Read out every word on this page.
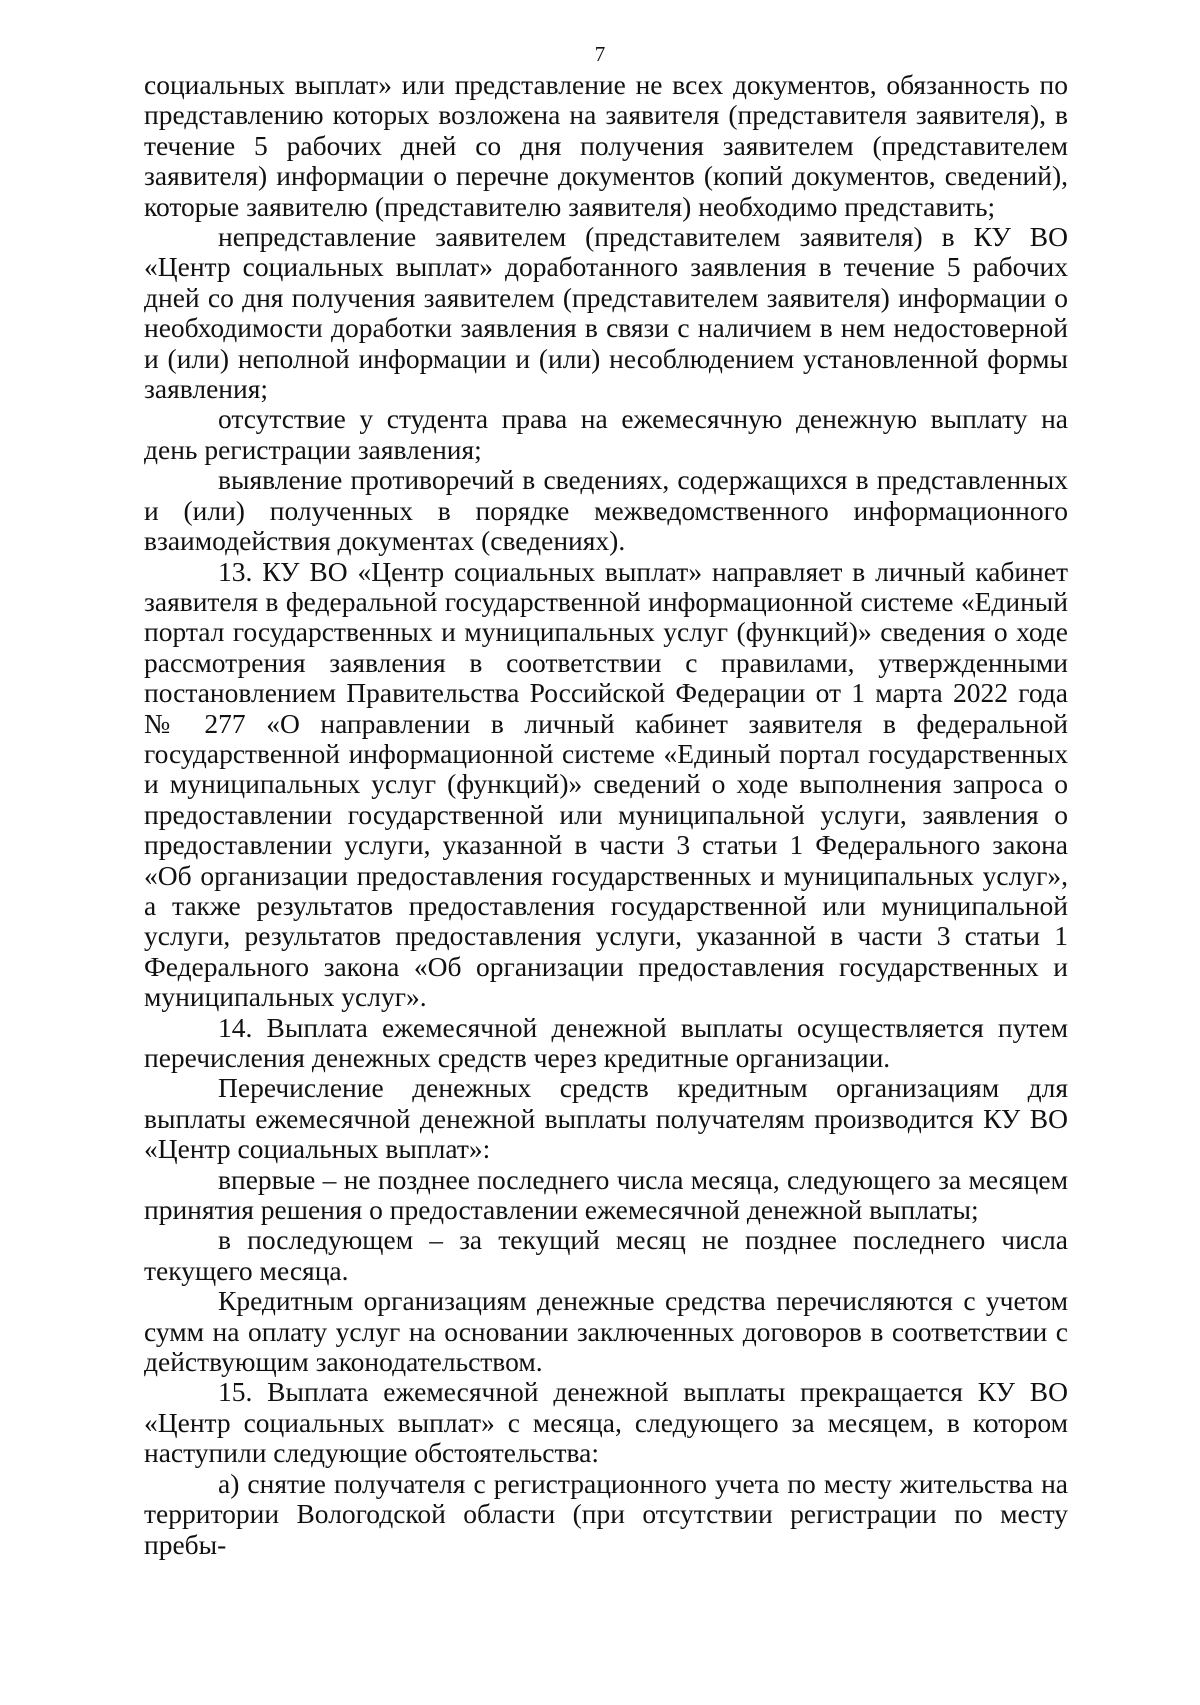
7

социальных выплат» или представление не всех документов, обязанность по представлению которых возложена на заявителя (представителя заявителя), в течение 5 рабочих дней со дня получения заявителем (представителем заявителя) информации о перечне документов (копий документов, сведений), которые заявителю (представителю заявителя) необходимо представить;

непредставление заявителем (представителем заявителя) в КУ ВО «Центр социальных выплат» доработанного заявления в течение 5 рабочих дней со дня получения заявителем (представителем заявителя) информации о необходимости доработки заявления в связи с наличием в нем недостоверной и (или) неполной информации и (или) несоблюдением установленной формы заявления;

отсутствие у студента права на ежемесячную денежную выплату на день регистрации заявления;

выявление противоречий в сведениях, содержащихся в представленных и (или) полученных в порядке межведомственного информационного взаимодействия документах (сведениях).

13. КУ ВО «Центр социальных выплат» направляет в личный кабинет заявителя в федеральной государственной информационной системе «Единый портал государственных и муниципальных услуг (функций)» сведения о ходе рассмотрения заявления в соответствии с правилами, утвержденными постановлением Правительства Российской Федерации от 1 марта 2022 года № 277 «О направлении в личный кабинет заявителя в федеральной государственной информационной системе «Единый портал государственных и муниципальных услуг (функций)» сведений о ходе выполнения запроса о предоставлении государственной или муниципальной услуги, заявления о предоставлении услуги, указанной в части 3 статьи 1 Федерального закона «Об организации предоставления государственных и муниципальных услуг», а также результатов предоставления государственной или муниципальной услуги, результатов предоставления услуги, указанной в части 3 статьи 1 Федерального закона «Об организации предоставления государственных и муниципальных услуг».

14. Выплата ежемесячной денежной выплаты осуществляется путем перечисления денежных средств через кредитные организации.

Перечисление денежных средств кредитным организациям для выплаты ежемесячной денежной выплаты получателям производится КУ ВО «Центр социальных выплат»:

впервые – не позднее последнего числа месяца, следующего за месяцем принятия решения о предоставлении ежемесячной денежной выплаты;

в последующем – за текущий месяц не позднее последнего числа текущего месяца.

Кредитным организациям денежные средства перечисляются с учетом сумм на оплату услуг на основании заключенных договоров в соответствии с действующим законодательством.

15. Выплата ежемесячной денежной выплаты прекращается КУ ВО «Центр социальных выплат» с месяца, следующего за месяцем, в котором наступили следующие обстоятельства:

а) снятие получателя с регистрационного учета по месту жительства на территории Вологодской области (при отсутствии регистрации по месту пребы-
